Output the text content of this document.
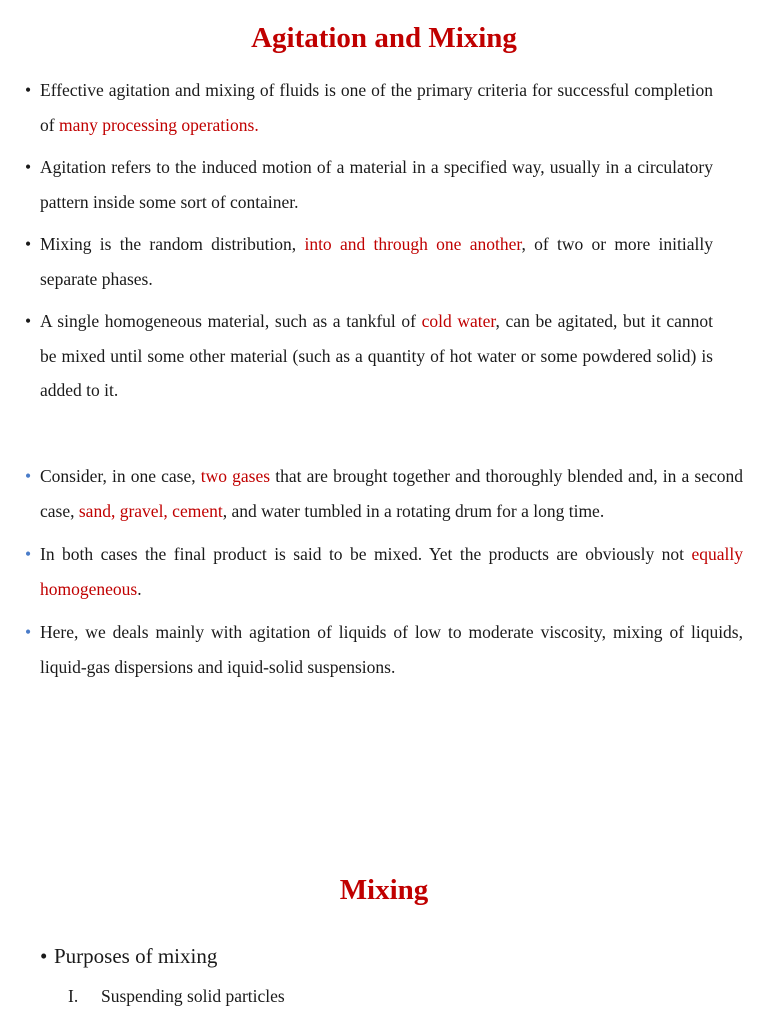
Agitation and Mixing
• Effective agitation and mixing of fluids is one of the primary criteria for successful completion of many processing operations.
• Agitation refers to the induced motion of a material in a specified way, usually in a circulatory pattern inside some sort of container.
• Mixing is the random distribution, into and through one another, of two or more initially separate phases.
• A single homogeneous material, such as a tankful of cold water, can be agitated, but it cannot be mixed until some other material (such as a quantity of hot water or some powdered solid) is added to it.
• Consider, in one case, two gases that are brought together and thoroughly blended and, in a second case, sand, gravel, cement, and water tumbled in a rotating drum for a long time.
• In both cases the final product is said to be mixed. Yet the products are obviously not equally homogeneous.
• Here, we deals mainly with agitation of liquids of low to moderate viscosity, mixing of liquids, liquid-gas dispersions and iquid-solid suspensions.
Mixing
• Purposes of mixing
I. Suspending solid particles
